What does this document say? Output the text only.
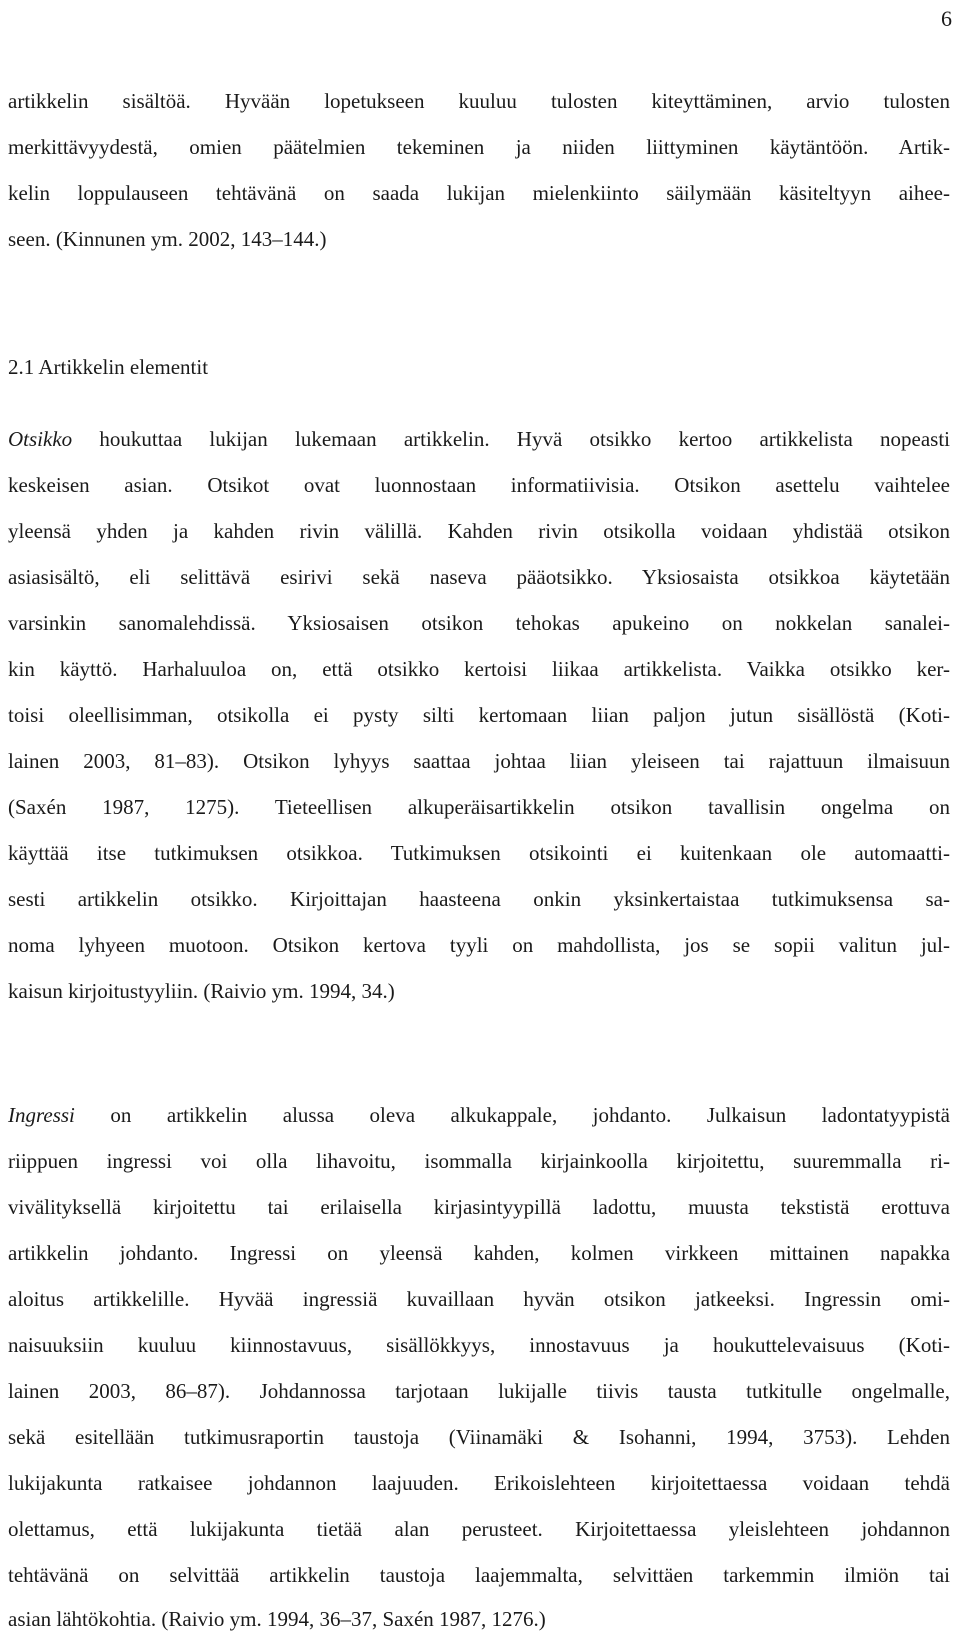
6
artikkelin sisältöä. Hyvään lopetukseen kuuluu tulosten kiteyttäminen, arvio tulosten
merkittävyydestä, omien päätelmien tekeminen ja niiden liittyminen käytäntöön. Artik-
kelin loppulauseen tehtävänä on saada lukijan mielenkiinto säilymään käsiteltyyn aihee-
seen. (Kinnunen ym. 2002, 143–144.)
2.1 Artikkelin elementit
Otsikko houkuttaa lukijan lukemaan artikkelin. Hyvä otsikko kertoo artikkelista nopeasti
keskeisen asian. Otsikot ovat luonnostaan informatiivisia. Otsikon asettelu vaihtelee
yleensä yhden ja kahden rivin välillä. Kahden rivin otsikolla voidaan yhdistää otsikon
asiasisältö, eli selittävä esirivi sekä naseva pääotsikko. Yksiosaista otsikkoa käytetään
varsinkin sanomalehdissä. Yksiosaisen otsikon tehokas apukeino on nokkelan sanalei-
kin käyttö. Harhaluuloa on, että otsikko kertoisi liikaa artikkelista. Vaikka otsikko ker-
toisi oleellisimman, otsikolla ei pysty silti kertomaan liian paljon jutun sisällöstä (Koti-
lainen 2003, 81–83). Otsikon lyhyys saattaa johtaa liian yleiseen tai rajattuun ilmaisuun
(Saxén 1987, 1275). Tieteellisen alkuperäisartikkelin otsikon tavallisin ongelma on
käyttää itse tutkimuksen otsikkoa. Tutkimuksen otsikointi ei kuitenkaan ole automaatti-
sesti artikkelin otsikko. Kirjoittajan haasteena onkin yksinkertaistaa tutkimuksensa sa-
noma lyhyeen muotoon. Otsikon kertova tyyli on mahdollista, jos se sopii valitun jul-
kaisun kirjoitustyyliin. (Raivio ym. 1994, 34.)
Ingressi on artikkelin alussa oleva alkukappale, johdanto. Julkaisun ladontatyypistä
riippuen ingressi voi olla lihavoitu, isommalla kirjainkoolla kirjoitettu, suuremmalla ri-
vivälityksellä kirjoitettu tai erilaisella kirjasintyypillä ladottu, muusta tekstistä erottuva
artikkelin johdanto. Ingressi on yleensä kahden, kolmen virkkeen mittainen napakka
aloitus artikkelille. Hyvää ingressiä kuvaillaan hyvän otsikon jatkeeksi. Ingressin omi-
naisuuksiin kuuluu kiinnostavuus, sisällökkyys, innostavuus ja houkuttelevaisuus (Koti-
lainen 2003, 86–87). Johdannossa tarjotaan lukijalle tiivis tausta tutkitulle ongelmalle,
sekä esitellään tutkimusraportin taustoja (Viinamäki & Isohanni, 1994, 3753). Lehden
lukijakunta ratkaisee johdannon laajuuden. Erikoislehteen kirjoitettaessa voidaan tehdä
olettamus, että lukijakunta tietää alan perusteet. Kirjoitettaessa yleislehteen johdannon
tehtävänä on selvittää artikkelin taustoja laajemmalta, selvittäen tarkemmin ilmiön tai
asian lähtökohtia. (Raivio ym. 1994, 36–37, Saxén 1987, 1276.)
